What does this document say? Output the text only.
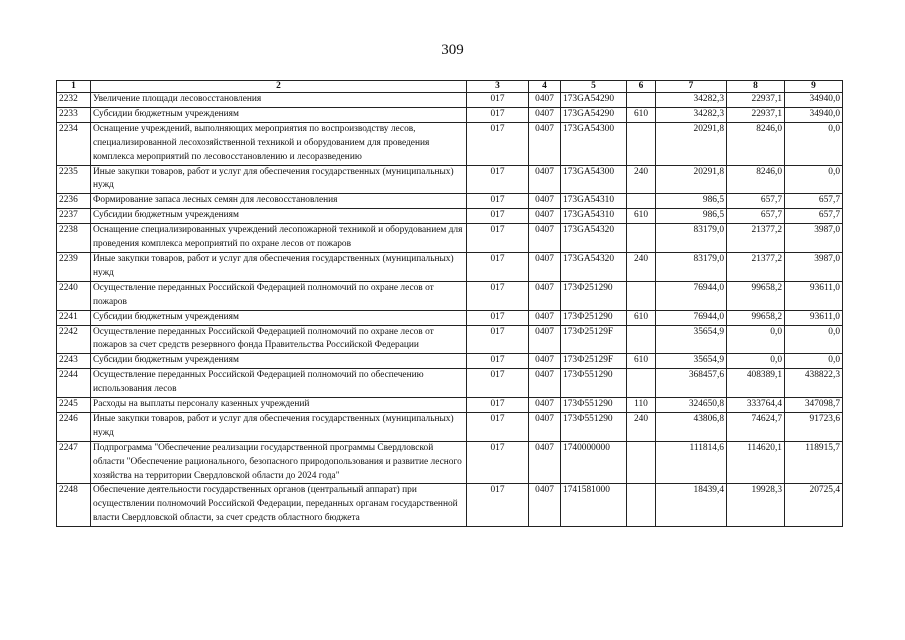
309
1	2	3	4	5	6	7	8	9
2232	Увеличение площади лесовосстановления	017	0407	173GA54290		34282,3	22937,1	34940,0
2233	Субсидии бюджетным учреждениям	017	0407	173GA54290	610	34282,3	22937,1	34940,0
2234	Оснащение учреждений, выполняющих мероприятия по воспроизводству лесов, специализированной лесохозяйственной техникой и оборудованием для проведения комплекса мероприятий по лесовосстановлению и лесоразведению	017	0407	173GA54300		20291,8	8246,0	0,0
2235	Иные закупки товаров, работ и услуг для обеспечения государственных (муниципальных) нужд	017	0407	173GA54300	240	20291,8	8246,0	0,0
2236	Формирование запаса лесных семян для лесовосстановления	017	0407	173GA54310		986,5	657,7	657,7
2237	Субсидии бюджетным учреждениям	017	0407	173GA54310	610	986,5	657,7	657,7
2238	Оснащение специализированных учреждений лесопожарной техникой и оборудованием для проведения комплекса мероприятий по охране лесов от пожаров	017	0407	173GA54320		83179,0	21377,2	3987,0
2239	Иные закупки товаров, работ и услуг для обеспечения государственных (муниципальных) нужд	017	0407	173GA54320	240	83179,0	21377,2	3987,0
2240	Осуществление переданных Российской Федерацией полномочий по охране лесов от пожаров	017	0407	173Ф251290		76944,0	99658,2	93611,0
2241	Субсидии бюджетным учреждениям	017	0407	173Ф251290	610	76944,0	99658,2	93611,0
2242	Осуществление переданных Российской Федерацией полномочий по охране лесов от пожаров за счет средств резервного фонда Правительства Российской Федерации	017	0407	173Ф25129F		35654,9	0,0	0,0
2243	Субсидии бюджетным учреждениям	017	0407	173Ф25129F	610	35654,9	0,0	0,0
2244	Осуществление переданных Российской Федерацией полномочий по обеспечению использования лесов	017	0407	173Ф551290		368457,6	408389,1	438822,3
2245	Расходы на выплаты персоналу казенных учреждений	017	0407	173Ф551290	110	324650,8	333764,4	347098,7
2246	Иные закупки товаров, работ и услуг для обеспечения государственных (муниципальных) нужд	017	0407	173Ф551290	240	43806,8	74624,7	91723,6
2247	Подпрограмма "Обеспечение реализации государственной программы Свердловской области "Обеспечение рационального, безопасного природопользования и развитие лесного хозяйства на территории Свердловской области до 2024 года"	017	0407	1740000000		111814,6	114620,1	118915,7
2248	Обеспечение деятельности государственных органов (центральный аппарат) при осуществлении полномочий Российской Федерации, переданных органам государственной власти Свердловской области, за счет средств областного бюджета	017	0407	1741581000		18439,4	19928,3	20725,4
